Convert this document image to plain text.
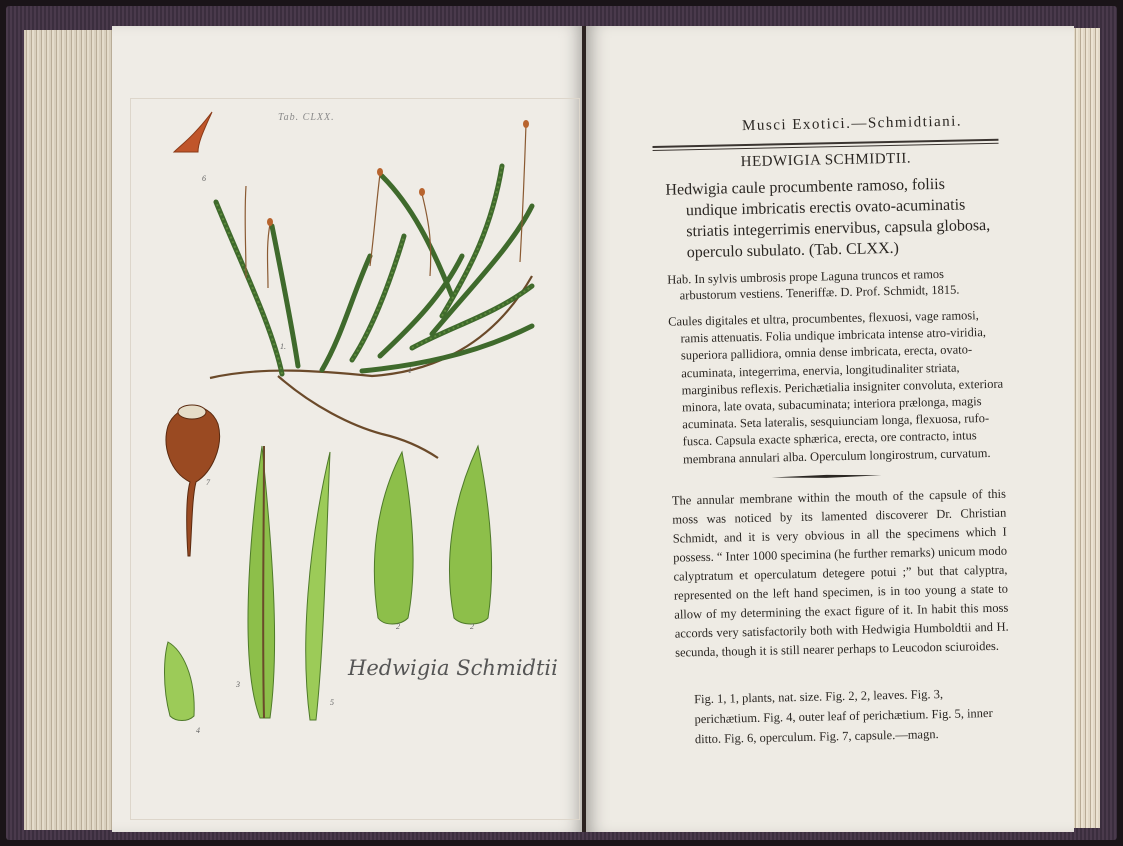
Tab. CLXX.
6
1.
1
7
2	2
3
4
5
Hedwigia Schmidtii
Musci Exotici.—Schmidtiani.
HEDWIGIA SCHMIDTII.
Hedwigia caule procumbente ramoso, foliis undique imbricatis erectis ovato-acuminatis striatis integerrimis enervibus, capsula globosa, operculo subulato. (Tab. CLXX.)
Hab. In sylvis umbrosis prope Laguna truncos et ramos arbustorum vestiens. Teneriffæ. D. Prof. Schmidt, 1815.
Caules digitales et ultra, procumbentes, flexuosi, vage ramosi, ramis attenuatis. Folia undique imbricata intense atro-viridia, superiora pallidiora, omnia dense imbricata, erecta, ovato-acuminata, integerrima, enervia, longitudinaliter striata, marginibus reflexis. Perichætialia insigniter convoluta, exteriora minora, late ovata, subacuminata; interiora prælonga, magis acuminata. Seta lateralis, sesquiunciam longa, flexuosa, rufo-fusca. Capsula exacte sphærica, erecta, ore contracto, intus membrana annulari alba. Operculum longirostrum, curvatum.
The annular membrane within the mouth of the capsule of this moss was noticed by its lamented discoverer Dr. Christian Schmidt, and it is very obvious in all the specimens which I possess. “ Inter 1000 specimina (he further remarks) unicum modo calyptratum et operculatum detegere potui ;” but that calyptra, represented on the left hand specimen, is in too young a state to allow of my determining the exact figure of it. In habit this moss accords very satisfactorily both with Hedwigia Humboldtii and H. secunda, though it is still nearer perhaps to Leucodon sciuroides.
Fig. 1, 1, plants, nat. size. Fig. 2, 2, leaves. Fig. 3, perichætium. Fig. 4, outer leaf of perichætium. Fig. 5, inner ditto. Fig. 6, operculum. Fig. 7, capsule.—magn.
